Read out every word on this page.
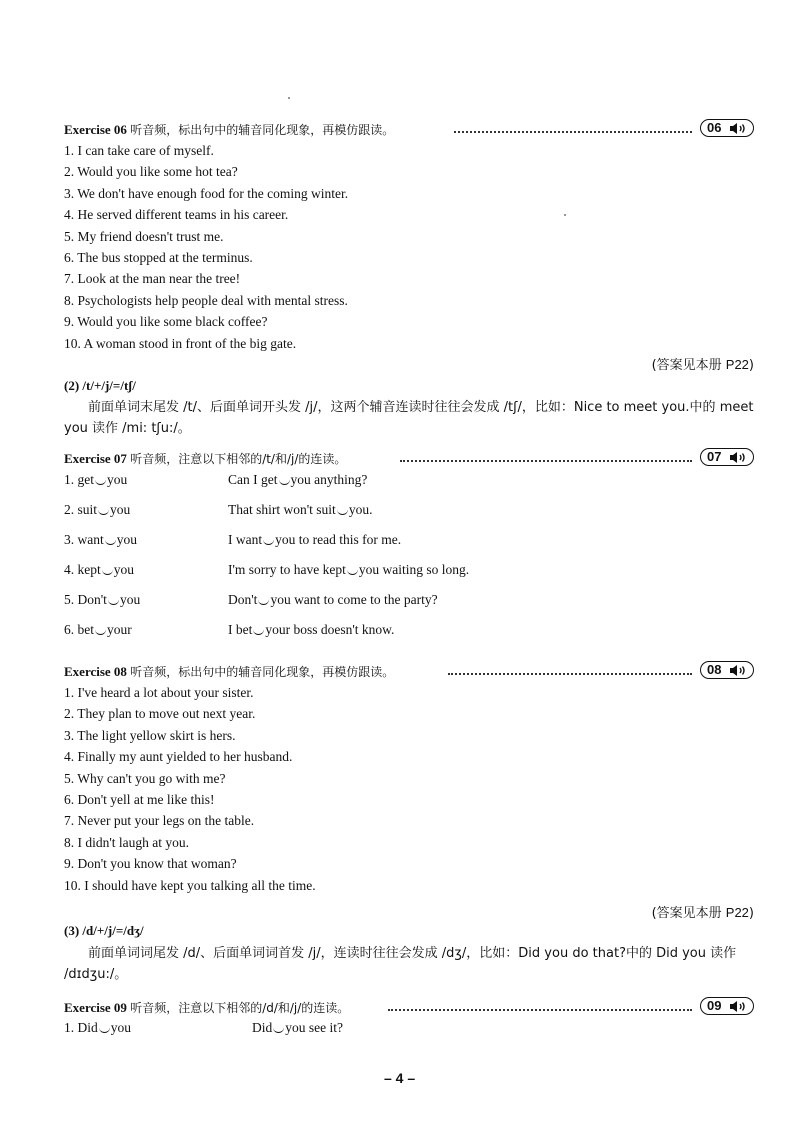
Exercise 06 听音频，标出句中的辅音同化现象，再模仿跟读。	06
1. I can take care of myself.
2. Would you like some hot tea?
3. We don't have enough food for the coming winter.
4. He served different teams in his career.
5. My friend doesn't trust me.
6. The bus stopped at the terminus.
7. Look at the man near the tree!
8. Psychologists help people deal with mental stress.
9. Would you like some black coffee?
10. A woman stood in front of the big gate.
(答案见本册 P22)
(2) /t/+/j/=/tʃ/
前面单词末尾发 /t/、后面单词开头发 /j/，这两个辅音连读时往往会发成 /tʃ/，比如：Nice to meet you.中的 meet you 读作 /mi: tʃu:/。
Exercise 07 听音频，注意以下相邻的/t/和/j/的连读。	07
1. get you	Can I get you anything?
2. suit you	That shirt won't suit you.
3. want you	I want you to read this for me.
4. kept you	I'm sorry to have kept you waiting so long.
5. Don't you	Don't you want to come to the party?
6. bet your	I bet your boss doesn't know.
Exercise 08 听音频，标出句中的辅音同化现象，再模仿跟读。	08
1. I've heard a lot about your sister.
2. They plan to move out next year.
3. The light yellow skirt is hers.
4. Finally my aunt yielded to her husband.
5. Why can't you go with me?
6. Don't yell at me like this!
7. Never put your legs on the table.
8. I didn't laugh at you.
9. Don't you know that woman?
10. I should have kept you talking all the time.
(答案见本册 P22)
(3) /d/+/j/=/dʒ/
前面单词词尾发 /d/、后面单词词首发 /j/，连读时往往会发成 /dʒ/，比如：Did you do that?中的 Did you 读作 /dɪdʒu:/。
Exercise 09 听音频，注意以下相邻的/d/和/j/的连读。	09
1. Did you	Did you see it?
– 4 –
